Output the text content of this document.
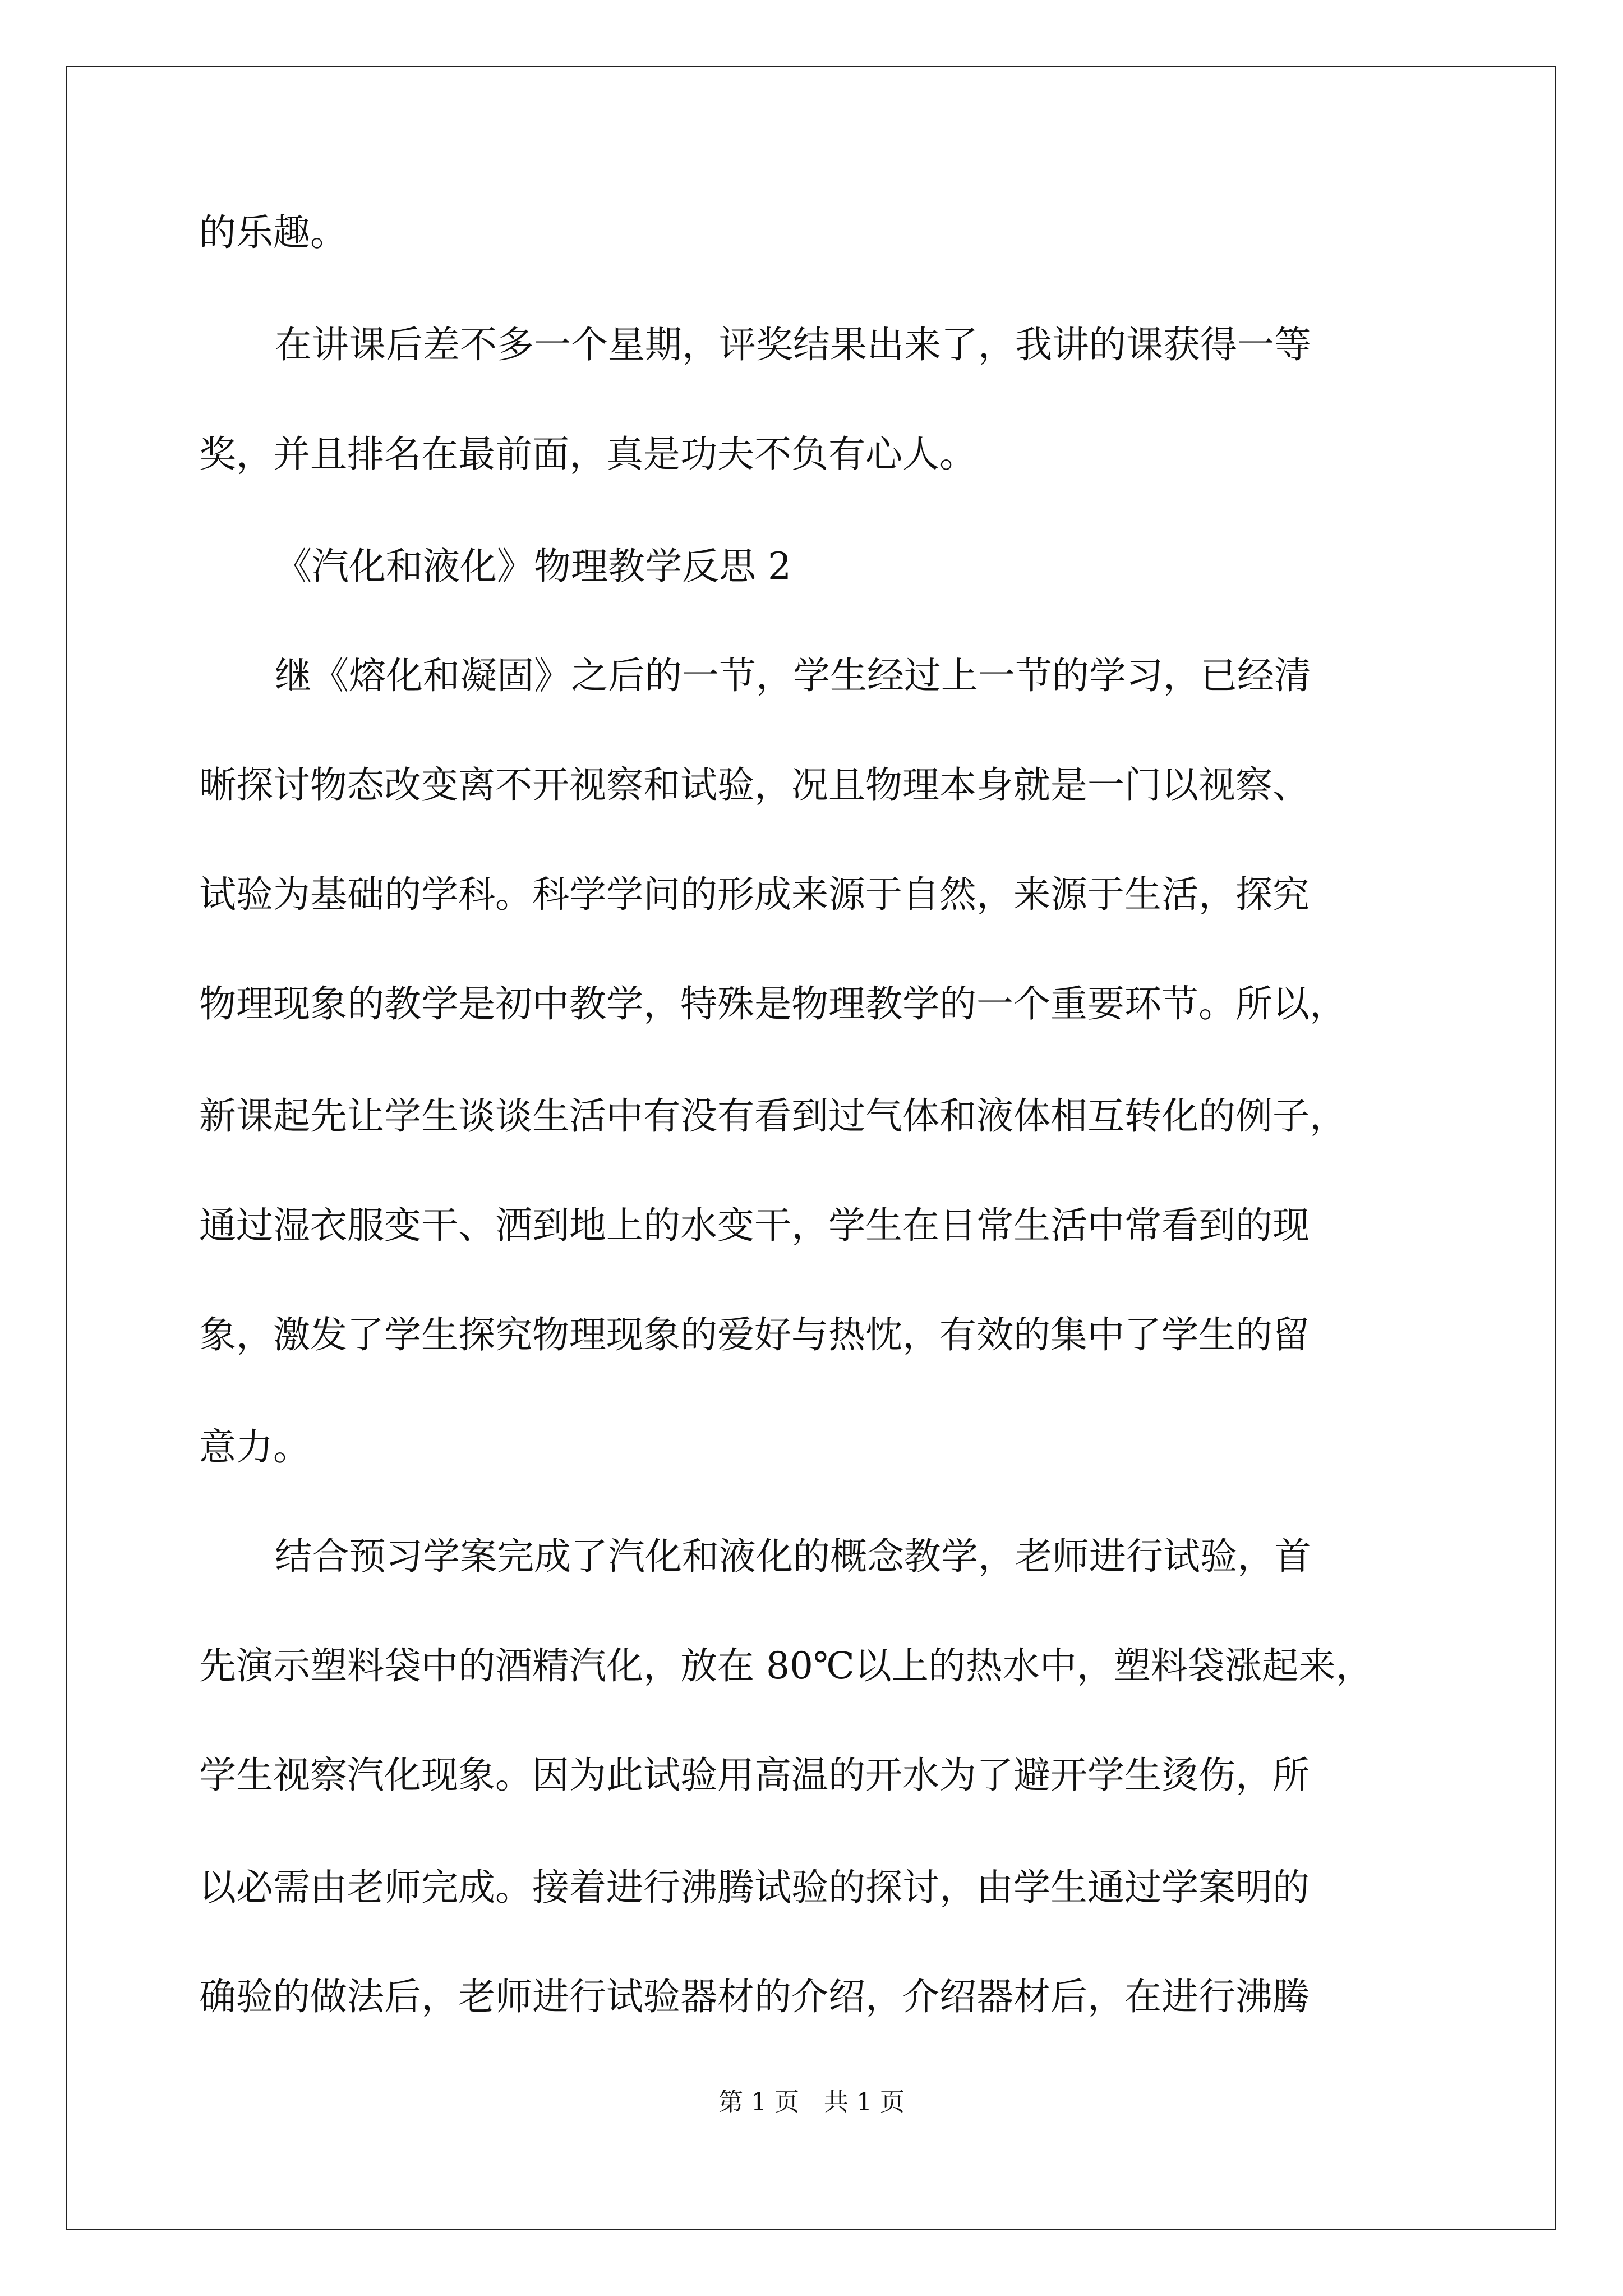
的乐趣。
在讲课后差不多一个星期，评奖结果出来了，我讲的课获得一等
奖，并且排名在最前面，真是功夫不负有心人。
《汽化和液化》物理教学反思 2
继《熔化和凝固》之后的一节，学生经过上一节的学习，已经清
晰探讨物态改变离不开视察和试验，况且物理本身就是一门以视察、
试验为基础的学科。科学学问的形成来源于自然，来源于生活，探究
物理现象的教学是初中教学，特殊是物理教学的一个重要环节。所以，
新课起先让学生谈谈生活中有没有看到过气体和液体相互转化的例子，
通过湿衣服变干、洒到地上的水变干，学生在日常生活中常看到的现
象，激发了学生探究物理现象的爱好与热忱，有效的集中了学生的留
意力。
结合预习学案完成了汽化和液化的概念教学，老师进行试验，首
先演示塑料袋中的酒精汽化，放在 80℃以上的热水中，塑料袋涨起来，
学生视察汽化现象。因为此试验用高温的开水为了避开学生烫伤，所
以必需由老师完成。接着进行沸腾试验的探讨，由学生通过学案明的
确验的做法后，老师进行试验器材的介绍，介绍器材后，在进行沸腾
第 1 页　共 1 页
